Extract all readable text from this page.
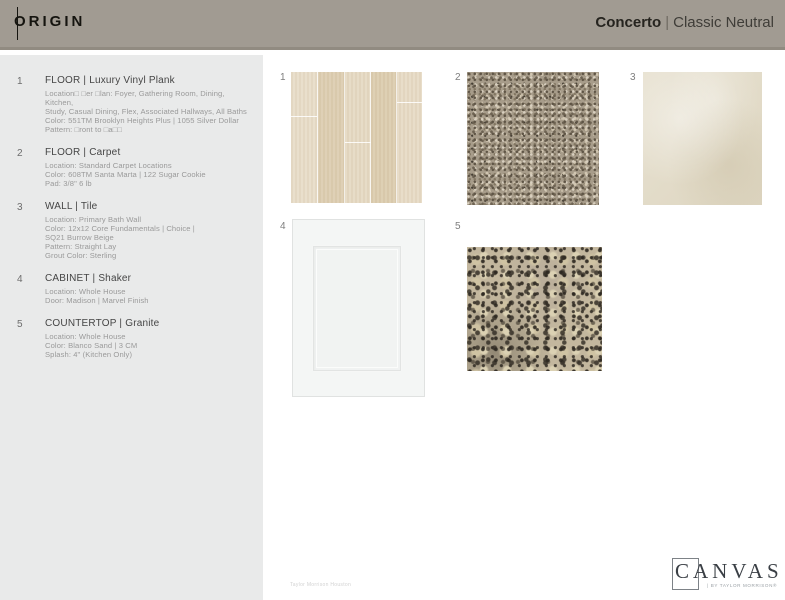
ORIGIN	Concerto | Classic Neutral
1	FLOOR | Luxury Vinyl Plank
Location□ □er □lan: Foyer, Gathering Room, Dining, Kitchen,
Study, Casual Dining, Flex, Associated Hallways, All Baths
Color: 551TM Brooklyn Heights Plus | 1055 Silver Dollar
Pattern: □ront to □a□□
2	FLOOR | Carpet
Location: Standard Carpet Locations
Color: 608TM Santa Marta | 122 Sugar Cookie
Pad: 3/8" 6 lb
3	WALL | Tile
Location: Primary Bath Wall
Color: 12x12 Core Fundamentals | Choice |
SQ21 Burrow Beige
Pattern: Straight Lay
Grout Color: Sterling
4	CABINET | Shaker
Location: Whole House
Door: Madison | Marvel Finish
5	COUNTERTOP | Granite
Location: Whole House
Color: Blanco Sand | 3 CM
Splash: 4" (Kitchen Only)
1	2	3
4	5
Taylor Morrison Houston
CANVAS
| BY TAYLOR MORRISON®
